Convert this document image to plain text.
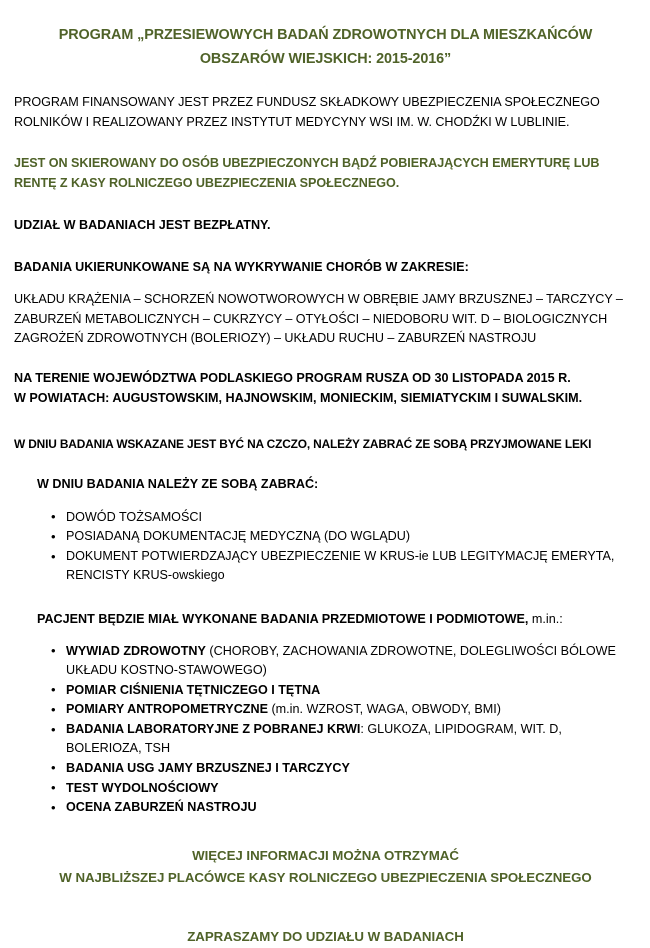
PROGRAM „PRZESIEWOWYCH BADAŃ ZDROWOTNYCH DLA MIESZKAŃCÓW
OBSZARÓW WIEJSKICH: 2015-2016”

PROGRAM FINANSOWANY JEST PRZEZ FUNDUSZ SKŁADKOWY UBEZPIECZENIA SPOŁECZNEGO
ROLNIKÓW I REALIZOWANY PRZEZ INSTYTUT MEDYCYNY WSI IM. W. CHODŹKI W LUBLINIE.

JEST ON SKIEROWANY DO OSÓB UBEZPIECZONYCH BĄDŹ POBIERAJĄCYCH EMERYTURĘ LUB
RENTĘ Z KASY ROLNICZEGO UBEZPIECZENIA SPOŁECZNEGO.

UDZIAŁ W BADANIACH JEST BEZPŁATNY.

BADANIA UKIERUNKOWANE SĄ NA WYKRYWANIE CHORÓB W ZAKRESIE:

UKŁADU KRĄŻENIA – SCHORZEŃ NOWOTWOROWYCH W OBRĘBIE JAMY BRZUSZNEJ – TARCZYCY –
ZABURZEŃ METABOLICZNYCH – CUKRZYCY – OTYŁOŚCI – NIEDOBORU WIT. D – BIOLOGICZNYCH
ZAGROŻEŃ ZDROWOTNYCH (BOLERIOZY) – UKŁADU RUCHU – ZABURZEŃ NASTROJU

NA TERENIE WOJEWÓDZTWA PODLASKIEGO PROGRAM RUSZA OD 30 LISTOPADA 2015 R.
W POWIATACH: AUGUSTOWSKIM, HAJNOWSKIM, MONIECKIM, SIEMIATYCKIM I SUWALSKIM.

W DNIU BADANIA WSKAZANE JEST BYĆ NA CZCZO, NALEŻY ZABRAĆ ZE SOBĄ PRZYJMOWANE LEKI

W DNIU BADANIA NALEŻY ZE SOBĄ ZABRAĆ:

• DOWÓD TOŻSAMOŚCI
• POSIADANĄ DOKUMENTACJĘ MEDYCZNĄ (DO WGLĄDU)
• DOKUMENT POTWIERDZAJĄCY UBEZPIECZENIE W KRUS-ie LUB LEGITYMACJĘ EMERYTA, RENCISTY KRUS-owskiego

PACJENT BĘDZIE MIAŁ WYKONANE BADANIA PRZEDMIOTOWE I PODMIOTOWE, m.in.:

• WYWIAD ZDROWOTNY (CHOROBY, ZACHOWANIA ZDROWOTNE, DOLEGLIWOŚCI BÓLOWE UKŁADU KOSTNO-STAWOWEGO)
• POMIAR CIŚNIENIA TĘTNICZEGO I TĘTNA
• POMIARY ANTROPOMETRYCZNE (m.in. WZROST, WAGA, OBWODY, BMI)
• BADANIA LABORATORYJNE Z POBRANEJ KRWI: GLUKOZA, LIPIDOGRAM, WIT. D, BOLERIOZA, TSH
• BADANIA USG JAMY BRZUSZNEJ I TARCZYCY
• TEST WYDOLNOŚCIOWY
• OCENA ZABURZEŃ NASTROJU

WIĘCEJ INFORMACJI MOŻNA OTRZYMAĆ
W NAJBLIŻSZEJ PLACÓWCE KASY ROLNICZEGO UBEZPIECZENIA SPOŁECZNEGO

ZAPRASZAMY DO UDZIAŁU W BADANIACH
